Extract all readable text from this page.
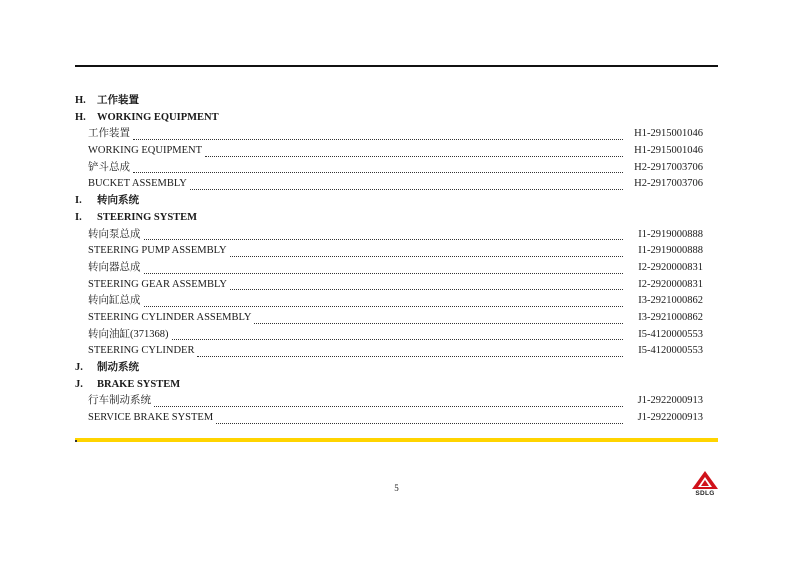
H. 工作装置
H. WORKING EQUIPMENT
工作装置	H1-2915001046
WORKING EQUIPMENT	H1-2915001046
铲斗总成	H2-2917003706
BUCKET ASSEMBLY	H2-2917003706
I. 转向系统
I. STEERING SYSTEM
转向泵总成	I1-2919000888
STEERING PUMP ASSEMBLY	I1-2919000888
转向器总成	I2-2920000831
STEERING GEAR ASSEMBLY	I2-2920000831
转向缸总成	I3-2921000862
STEERING CYLINDER ASSEMBLY	I3-2921000862
转向油缸(371368)	I5-4120000553
STEERING CYLINDER	I5-4120000553
J. 制动系统
J. BRAKE SYSTEM
行车制动系统	J1-2922000913
SERVICE BRAKE SYSTEM	J1-2922000913
5
SDLG
